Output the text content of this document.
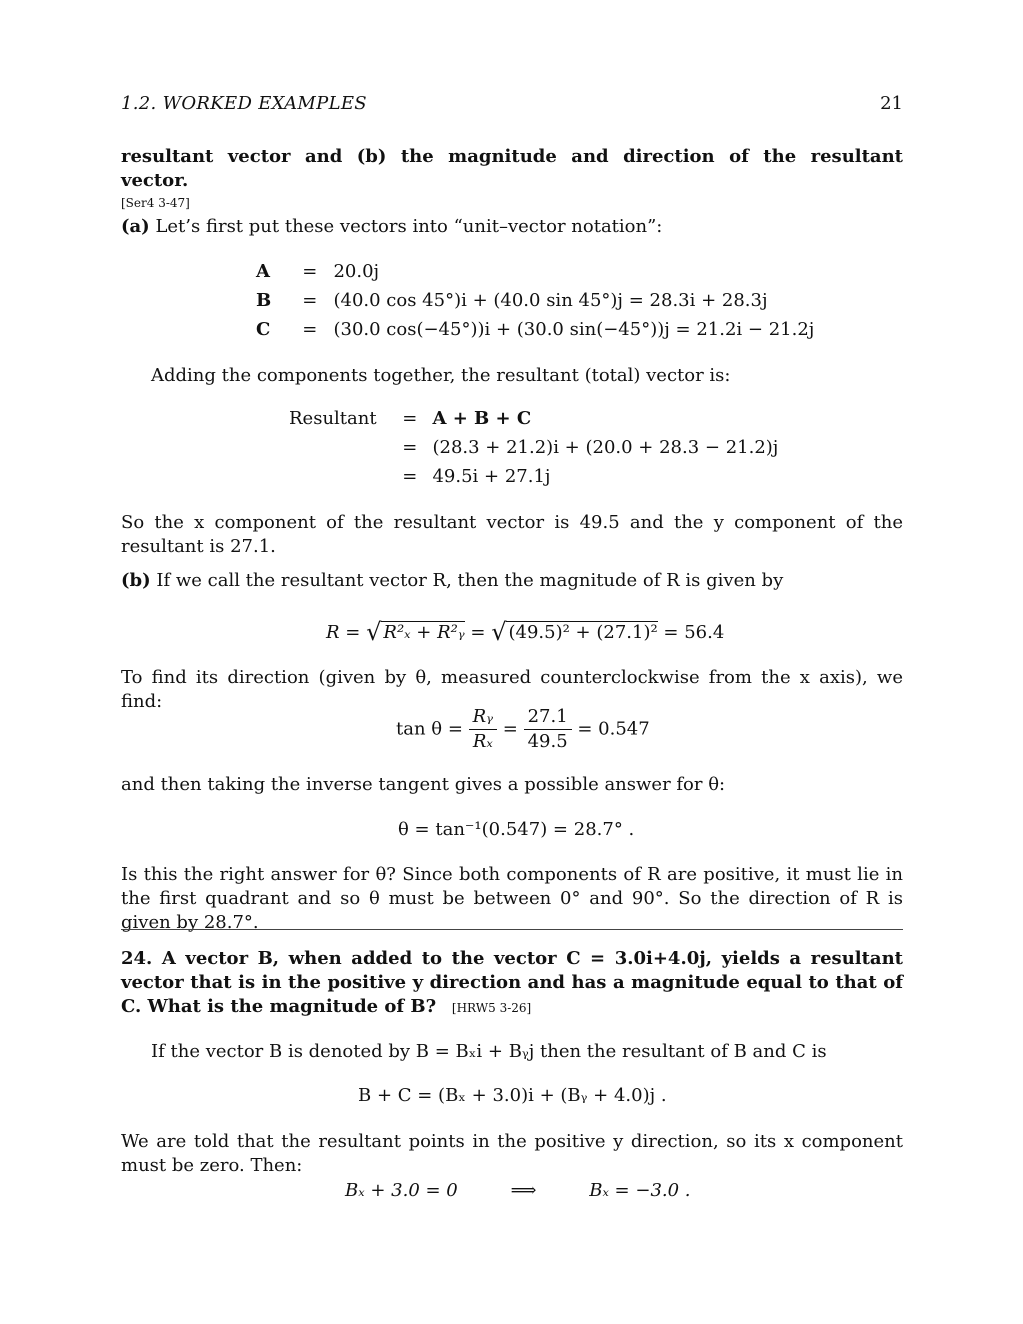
1.2. WORKED EXAMPLES	21
resultant vector and (b) the magnitude and direction of the resultant vector.
[Ser4 3-47]
(a) Let’s first put these vectors into “unit–vector notation”:
A = 20.0j
B = (40.0 cos 45°)i + (40.0 sin 45°)j = 28.3i + 28.3j
C = (30.0 cos(−45°))i + (30.0 sin(−45°))j = 21.2i − 21.2j
Adding the components together, the resultant (total) vector is:
Resultant = A + B + C
= (28.3 + 21.2)i + (20.0 + 28.3 − 21.2)j
= 49.5i + 27.1j
So the x component of the resultant vector is 49.5 and the y component of the resultant is 27.1.
(b) If we call the resultant vector R, then the magnitude of R is given by
R = √ R²ₓ + R²ᵧ = √ (49.5)² + (27.1)² = 56.4
To find its direction (given by θ, measured counterclockwise from the x axis), we find:
$\tan \theta = \frac{\text{Rᵧ}}{\text{Rₓ}} = \frac{27.1}{49.5} = 0.547$
and then taking the inverse tangent gives a possible answer for θ:
θ = tan⁻¹(0.547) = 28.7° .
Is this the right answer for θ? Since both components of R are positive, it must lie in the first quadrant and so θ must be between 0° and 90°. So the direction of R is given by 28.7°.
24. A vector B, when added to the vector C = 3.0i+4.0j, yields a resultant vector that is in the positive y direction and has a magnitude equal to that of C. What is the magnitude of B? [HRW5 3-26]
If the vector B is denoted by B = Bₓi + Bᵧj then the resultant of B and C is
B + C = (Bₓ + 3.0)i + (Bᵧ + 4.0)j .
We are told that the resultant points in the positive y direction, so its x component must be zero. Then:
Bₓ + 3.0 = 0	⟹	Bₓ = −3.0 .
